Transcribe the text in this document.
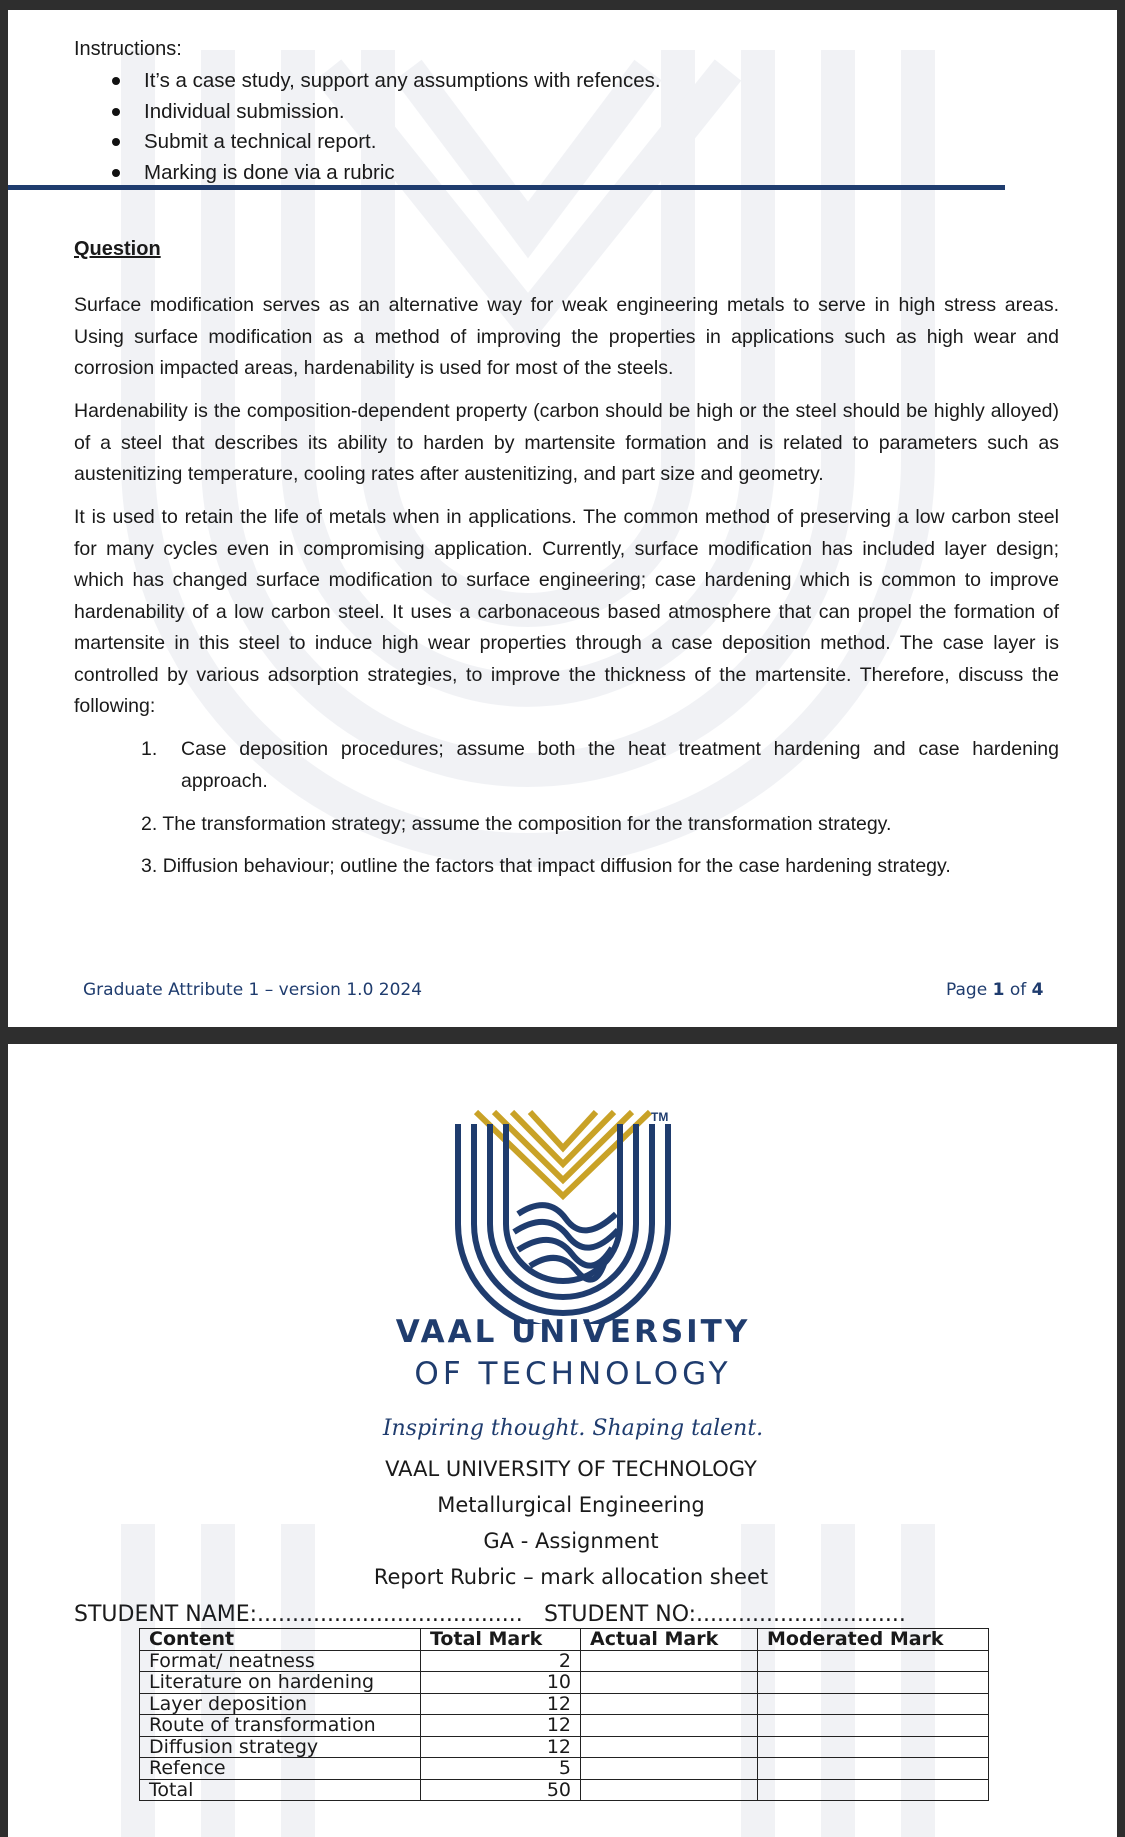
Instructions:
It’s a case study, support any assumptions with refences.
Individual submission.
Submit a technical report.
Marking is done via a rubric
Question

Surface modification serves as an alternative way for weak engineering metals to serve in high stress areas. Using surface modification as a method of improving the properties in applications such as high wear and corrosion impacted areas, hardenability is used for most of the steels.

Hardenability is the composition-dependent property (carbon should be high or the steel should be highly alloyed) of a steel that describes its ability to harden by martensite formation and is related to parameters such as austenitizing temperature, cooling rates after austenitizing, and part size and geometry.

It is used to retain the life of metals when in applications. The common method of preserving a low carbon steel for many cycles even in compromising application. Currently, surface modification has included layer design; which has changed surface modification to surface engineering; case hardening which is common to improve hardenability of a low carbon steel. It uses a carbonaceous based atmosphere that can propel the formation of martensite in this steel to induce high wear properties through a case deposition method. The case layer is controlled by various adsorption strategies, to improve the thickness of the martensite. Therefore, discuss the following:

1. Case deposition procedures; assume both the heat treatment hardening and case hardening approach.
2. The transformation strategy; assume the composition for the transformation strategy.
3. Diffusion behaviour; outline the factors that impact diffusion for the case hardening strategy.
Graduate Attribute 1 – version 1.0 2024	Page 1 of 4
TM
VAAL UNIVERSITY
OF TECHNOLOGY
Inspiring thought. Shaping talent.
VAAL UNIVERSITY OF TECHNOLOGY
Metallurgical Engineering
GA - Assignment
Report Rubric – mark allocation sheet
STUDENT NAME:...................................... STUDENT NO:..............................
Content	Total Mark	Actual Mark	Moderated Mark
Format/ neatness	2		
Literature on hardening	10		
Layer deposition	12		
Route of transformation	12		
Diffusion strategy	12		
Refence	5		
Total	50		
